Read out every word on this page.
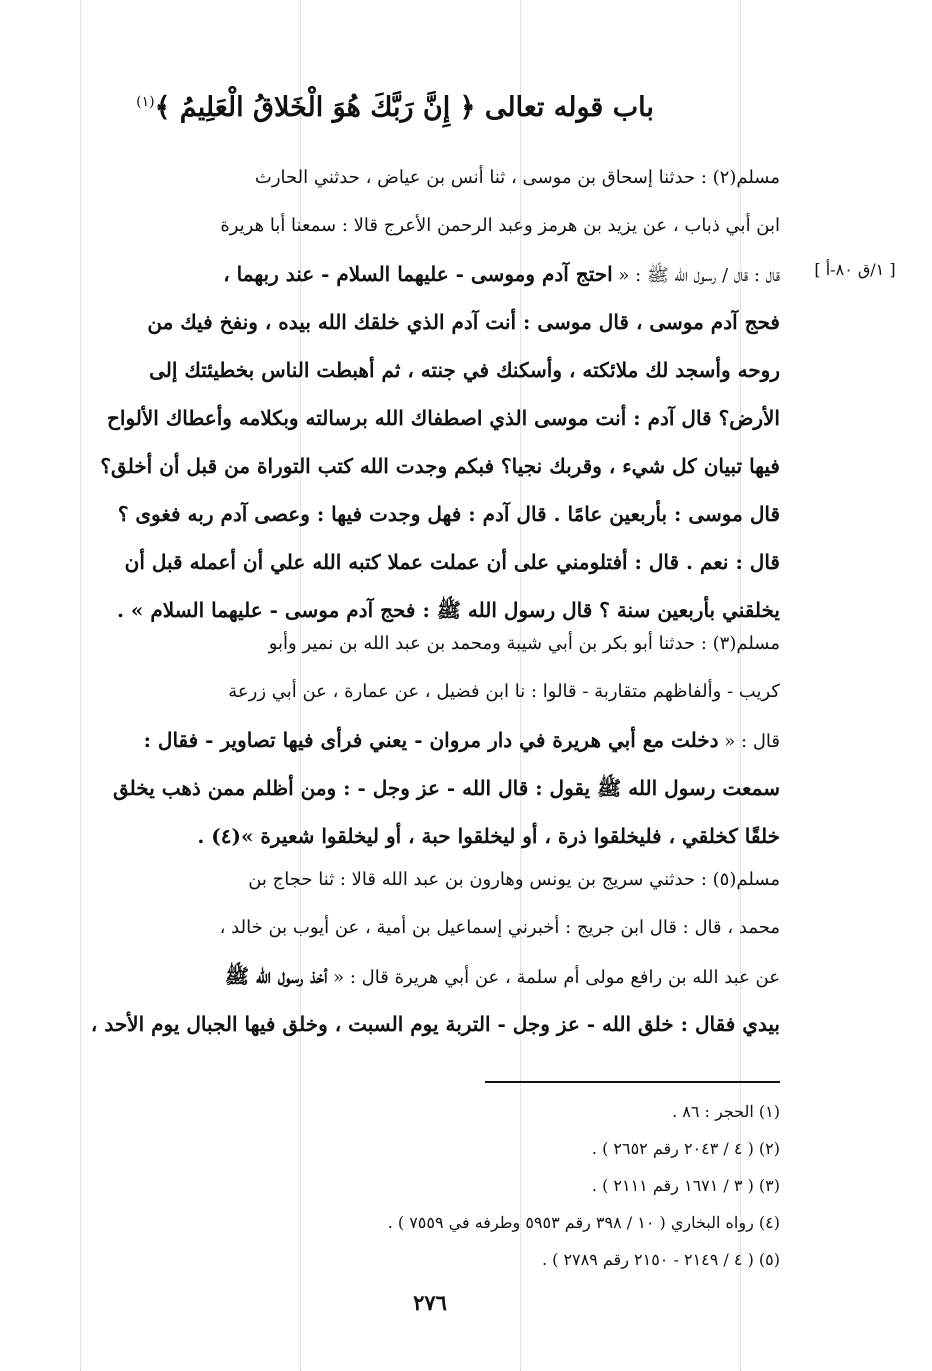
باب قوله تعالى ﴿ إِنَّ رَبَّكَ هُوَ الْخَلاقُ الْعَلِيمُ ﴾$^{(١)}$
[ ١/ق ٨٠-أ ]
مسلم(٢) : حدثنا إسحاق بن موسى ، ثنا أنس بن عياض ، حدثني الحارث
ابن أبي ذباب ، عن يزيد بن هرمز وعبد الرحمن الأعرج قالا : سمعنا أبا هريرة
قال : قال / رسول الله ﷺ : « احتج آدم وموسى - عليهما السلام - عند ربهما ،
فحج آدم موسى ، قال موسى : أنت آدم الذي خلقك الله بيده ، ونفخ فيك من
روحه وأسجد لك ملائكته ، وأسكنك في جنته ، ثم أهبطت الناس بخطيئتك إلى
الأرض؟ قال آدم : أنت موسى الذي اصطفاك الله برسالته وبكلامه وأعطاك الألواح
فيها تبيان كل شيء ، وقربك نجيا؟ فبكم وجدت الله كتب التوراة من قبل أن أخلق؟
قال موسى : بأربعين عامًا . قال آدم : فهل وجدت فيها : وعصى آدم ربه فغوى ؟
قال : نعم . قال : أفتلومني على أن عملت عملا كتبه الله علي أن أعمله قبل أن
يخلقني بأربعين سنة ؟ قال رسول الله ﷺ : فحج آدم موسى - عليهما السلام » .
مسلم(٣) : حدثنا أبو بكر بن أبي شيبة ومحمد بن عبد الله بن نمير وأبو
كريب - وألفاظهم متقاربة - قالوا : نا ابن فضيل ، عن عمارة ، عن أبي زرعة
قال : « دخلت مع أبي هريرة في دار مروان - يعني فرأى فيها تصاوير - فقال :
سمعت رسول الله ﷺ يقول : قال الله - عز وجل - : ومن أظلم ممن ذهب يخلق
خلقًا كخلقي ، فليخلقوا ذرة ، أو ليخلقوا حبة ، أو ليخلقوا شعيرة »(٤) .
مسلم(٥) : حدثني سريج بن يونس وهارون بن عبد الله قالا : ثنا حجاج بن
محمد ، قال : قال ابن جريج : أخبرني إسماعيل بن أمية ، عن أيوب بن خالد ،
عن عبد الله بن رافع مولى أم سلمة ، عن أبي هريرة قال : « أخذ رسول الله ﷺ
بيدي فقال : خلق الله - عز وجل - التربة يوم السبت ، وخلق فيها الجبال يوم الأحد ،
(١) الحجر : ٨٦ .
(٢) ( ٤ / ٢٠٤٣ رقم ٢٦٥٢ ) .
(٣) ( ٣ / ١٦٧١ رقم ٢١١١ ) .
(٤) رواه البخاري ( ١٠ / ٣٩٨ رقم ٥٩٥٣ وطرفه في ٧٥٥٩ ) .
(٥) ( ٤ / ٢١٤٩ - ٢١٥٠ رقم ٢٧٨٩ ) .
٢٧٦
